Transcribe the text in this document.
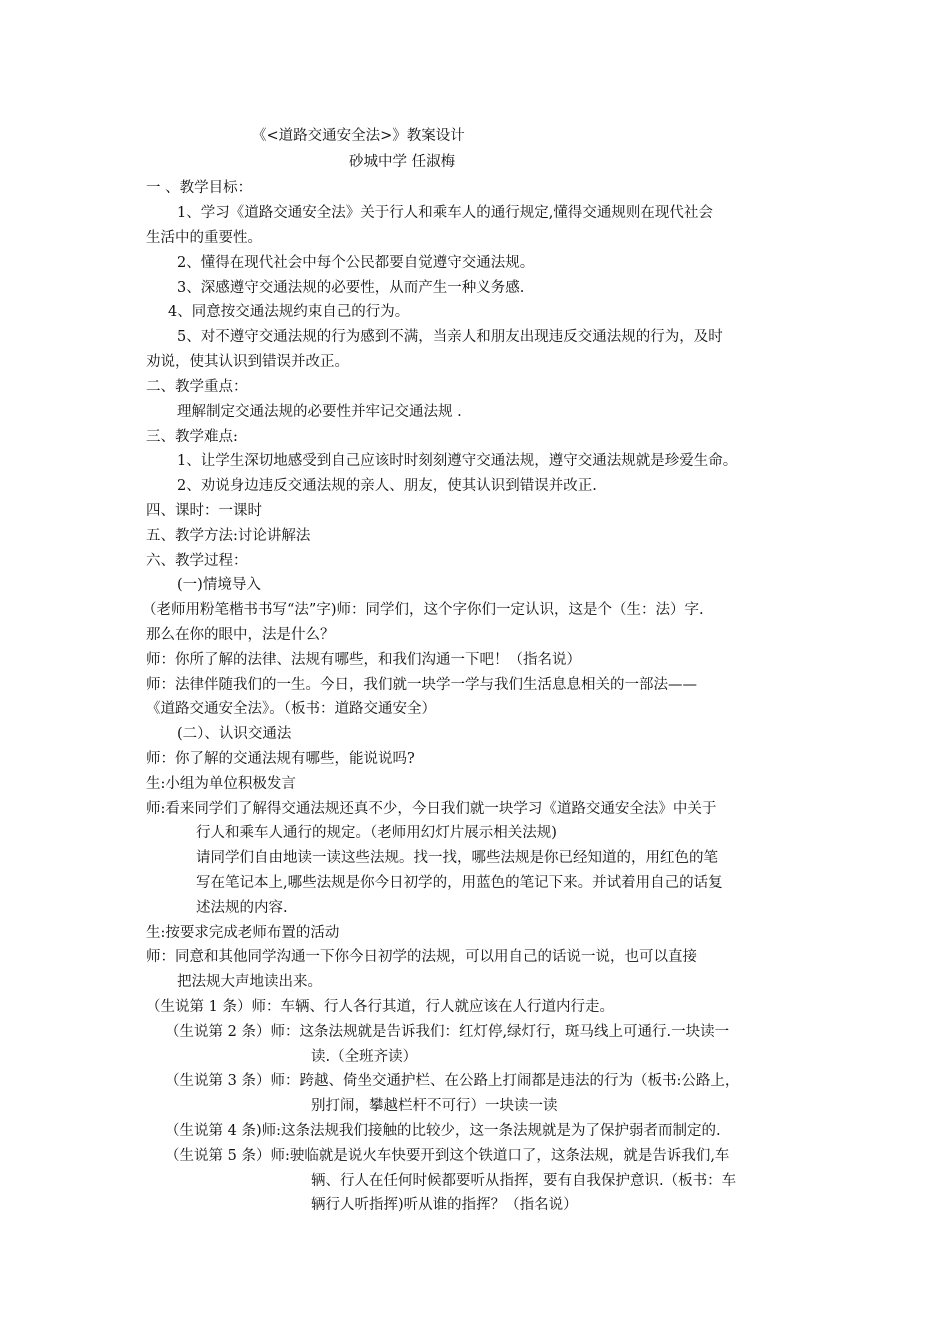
《<道路交通安全法>》教案设计
砂城中学 任淑梅
一 、教学目标：
1、学习《道路交通安全法》关于行人和乘车人的通行规定,懂得交通规则在现代社会
生活中的重要性。
2、懂得在现代社会中每个公民都要自觉遵守交通法规。
3、深感遵守交通法规的必要性，从而产生一种义务感.
4、同意按交通法规约束自己的行为。
5、对不遵守交通法规的行为感到不满，当亲人和朋友出现违反交通法规的行为，及时
劝说，使其认识到错误并改正。
二、教学重点：
理解制定交通法规的必要性并牢记交通法规 .
三、教学难点:
1、让学生深切地感受到自己应该时时刻刻遵守交通法规，遵守交通法规就是珍爱生命。
2、劝说身边违反交通法规的亲人、朋友，使其认识到错误并改正.
四、课时：一课时
五、教学方法:讨论讲解法
六、教学过程：
(一)情境导入
（老师用粉笔楷书书写“法”字)师：同学们，这个字你们一定认识，这是个（生：法）字.
那么在你的眼中，法是什么？
师：你所了解的法律、法规有哪些，和我们沟通一下吧！（指名说）
师：法律伴随我们的一生。今日，我们就一块学一学与我们生活息息相关的一部法——
《道路交通安全法》。（板书：道路交通安全）
(二）、认识交通法
师：你了解的交通法规有哪些，能说说吗?
生:小组为单位积极发言
师:看来同学们了解得交通法规还真不少，今日我们就一块学习《道路交通安全法》中关于
行人和乘车人通行的规定。（老师用幻灯片展示相关法规)
请同学们自由地读一读这些法规。找一找，哪些法规是你已经知道的，用红色的笔
写在笔记本上,哪些法规是你今日初学的，用蓝色的笔记下来。并试着用自己的话复
述法规的内容.
生:按要求完成老师布置的活动
师：同意和其他同学沟通一下你今日初学的法规，可以用自己的话说一说，也可以直接
把法规大声地读出来。
（生说第 1 条）师：车辆、行人各行其道，行人就应该在人行道内行走。
（生说第 2 条）师：这条法规就是告诉我们：红灯停,绿灯行，斑马线上可通行.一块读一
读.（全班齐读）
（生说第 3 条）师：跨越、倚坐交通护栏、在公路上打闹都是违法的行为（板书:公路上，
别打闹，攀越栏杆不可行）一块读一读
（生说第 4 条)师:这条法规我们接触的比较少，这一条法规就是为了保护弱者而制定的.
（生说第 5 条）师:驶临就是说火车快要开到这个铁道口了，这条法规，就是告诉我们,车
辆、行人在任何时候都要听从指挥，要有自我保护意识.（板书：车
辆行人听指挥)听从谁的指挥？（指名说）
